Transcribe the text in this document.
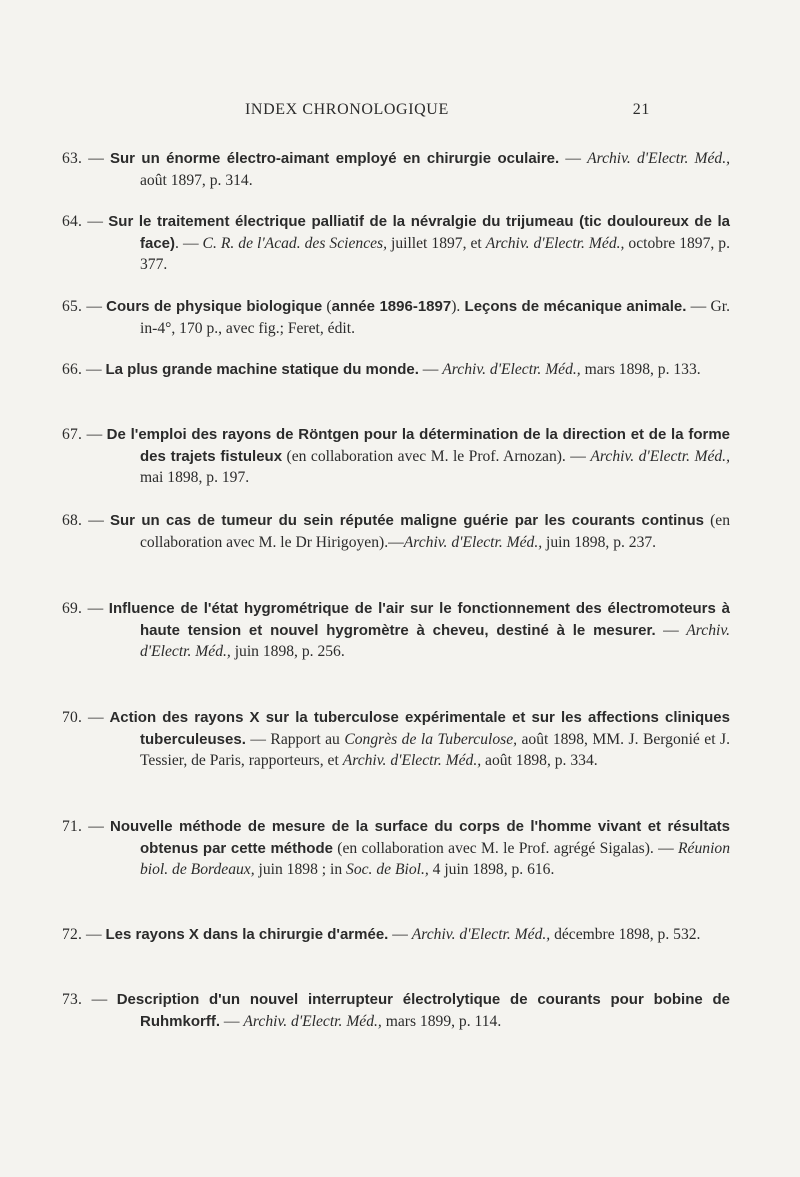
INDEX CHRONOLOGIQUE	21
63. — Sur un énorme électro-aimant employé en chirurgie oculaire. — Archiv. d'Electr. Méd., août 1897, p. 314.
64. — Sur le traitement électrique palliatif de la névralgie du trijumeau (tic douloureux de la face). — C. R. de l'Acad. des Sciences, juillet 1897, et Archiv. d'Electr. Méd., octobre 1897, p. 377.
65. — Cours de physique biologique (année 1896-1897). Leçons de mécanique animale. — Gr. in-4°, 170 p., avec fig.; Feret, édit.
66. — La plus grande machine statique du monde. — Archiv. d'Electr. Méd., mars 1898, p. 133.
67. — De l'emploi des rayons de Röntgen pour la détermination de la direction et de la forme des trajets fistuleux (en collaboration avec M. le Prof. Arnozan). — Archiv. d'Electr. Méd., mai 1898, p. 197.
68. — Sur un cas de tumeur du sein réputée maligne guérie par les courants continus (en collaboration avec M. le Dr Hirigoyen).—Archiv. d'Electr. Méd., juin 1898, p. 237.
69. — Influence de l'état hygrométrique de l'air sur le fonctionnement des électromoteurs à haute tension et nouvel hygromètre à cheveu, destiné à le mesurer. — Archiv. d'Electr. Méd., juin 1898, p. 256.
70. — Action des rayons X sur la tuberculose expérimentale et sur les affections cliniques tuberculeuses. — Rapport au Congrès de la Tuberculose, août 1898, MM. J. Bergonié et J. Tessier, de Paris, rapporteurs, et Archiv. d'Electr. Méd., août 1898, p. 334.
71. — Nouvelle méthode de mesure de la surface du corps de l'homme vivant et résultats obtenus par cette méthode (en collaboration avec M. le Prof. agrégé Sigalas). — Réunion biol. de Bordeaux, juin 1898 ; in Soc. de Biol., 4 juin 1898, p. 616.
72. — Les rayons X dans la chirurgie d'armée. — Archiv. d'Electr. Méd., décembre 1898, p. 532.
73. — Description d'un nouvel interrupteur électrolytique de courants pour bobine de Ruhmkorff. — Archiv. d'Electr. Méd., mars 1899, p. 114.
